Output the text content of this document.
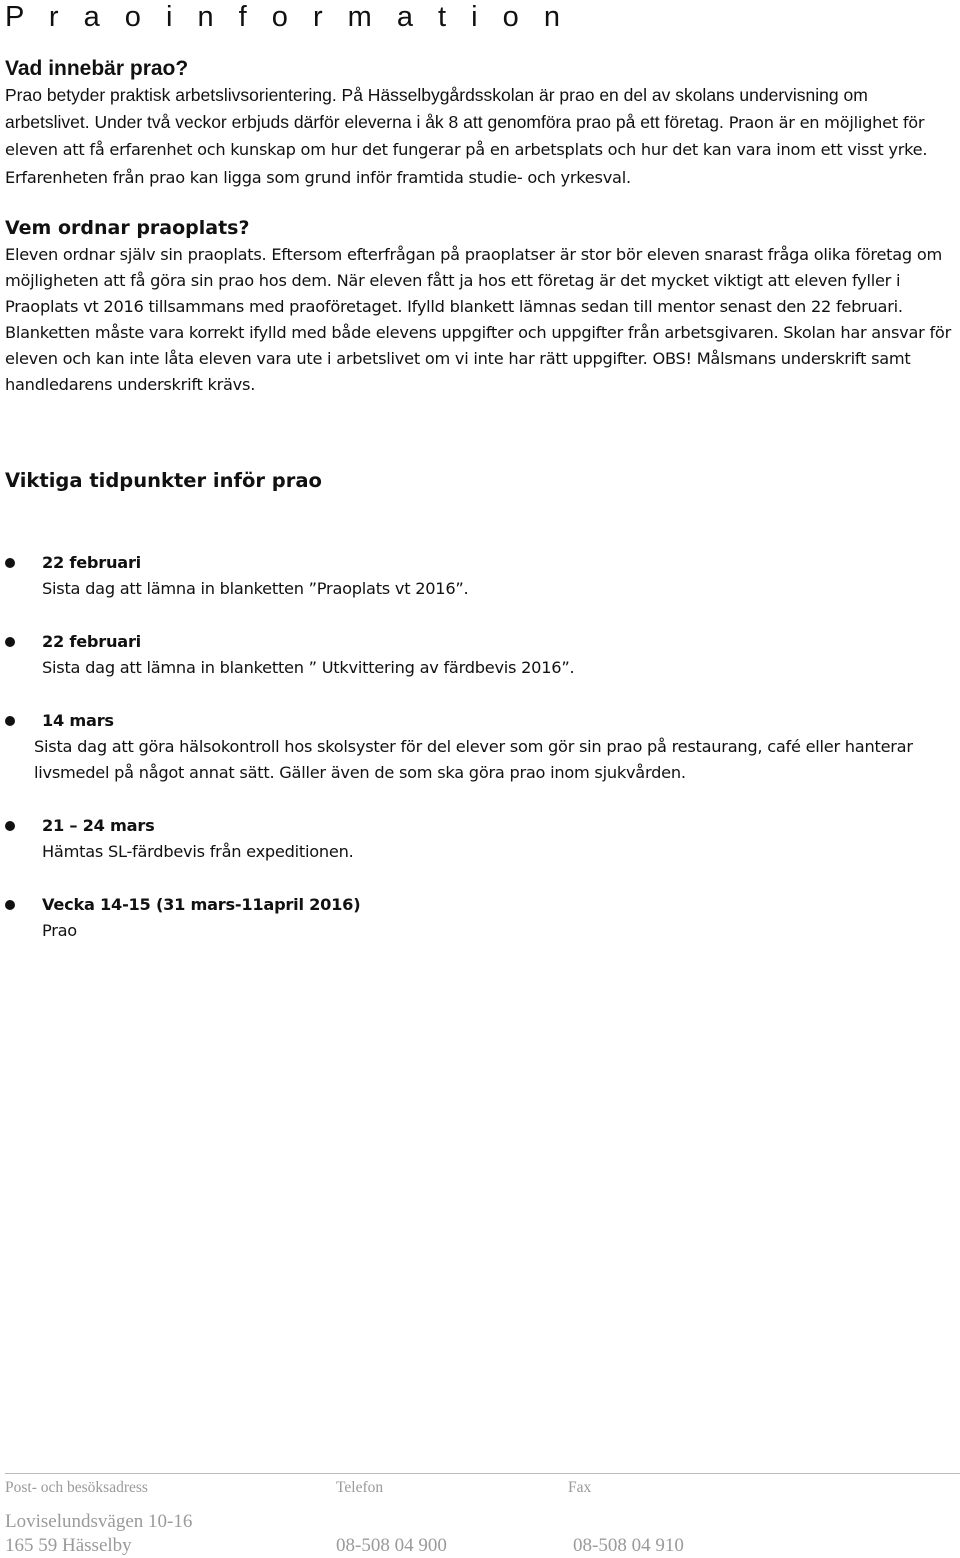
P r a o i n f o r m a t i o n
Vad innebär prao?

Prao betyder praktisk arbetslivsorientering. På Hässelbygårdsskolan är prao en del av skolans undervisning om arbetslivet. Under två veckor erbjuds därför eleverna i åk 8 att genomföra prao på ett företag. Praon är en möjlighet för eleven att få erfarenhet och kunskap om hur det fungerar på en arbetsplats och hur det kan vara inom ett visst yrke. Erfarenheten från prao kan ligga som grund inför framtida studie- och yrkesval.

Vem ordnar praoplats?

Eleven ordnar själv sin praoplats. Eftersom efterfrågan på praoplatser är stor bör eleven snarast fråga olika företag om möjligheten att få göra sin prao hos dem. När eleven fått ja hos ett företag är det mycket viktigt att eleven fyller i Praoplats vt 2016 tillsammans med praoföretaget. Ifylld blankett lämnas sedan till mentor senast den 22 februari. Blanketten måste vara korrekt ifylld med både elevens uppgifter och uppgifter från arbetsgivaren. Skolan har ansvar för eleven och kan inte låta eleven vara ute i arbetslivet om vi inte har rätt uppgifter. OBS! Målsmans underskrift samt handledarens underskrift krävs.

Viktiga tidpunkter inför prao
22 februari
Sista dag att lämna in blanketten ”Praoplats vt 2016”.
22 februari
Sista dag att lämna in blanketten ” Utkvittering av färdbevis 2016”.
14 mars
Sista dag att göra hälsokontroll hos skolsyster för del elever som gör sin prao på restaurang, café eller hanterar livsmedel på något annat sätt. Gäller även de som ska göra prao inom sjukvården.
21 – 24 mars
Hämtas SL-färdbevis från expeditionen.
Vecka 14-15 (31 mars-11april 2016)
Prao
Post- och besöksadress
Loviselundsvägen 10-16
165 59 Hässelby
Telefon
08-508 04 900
Fax
08-508 04 910
